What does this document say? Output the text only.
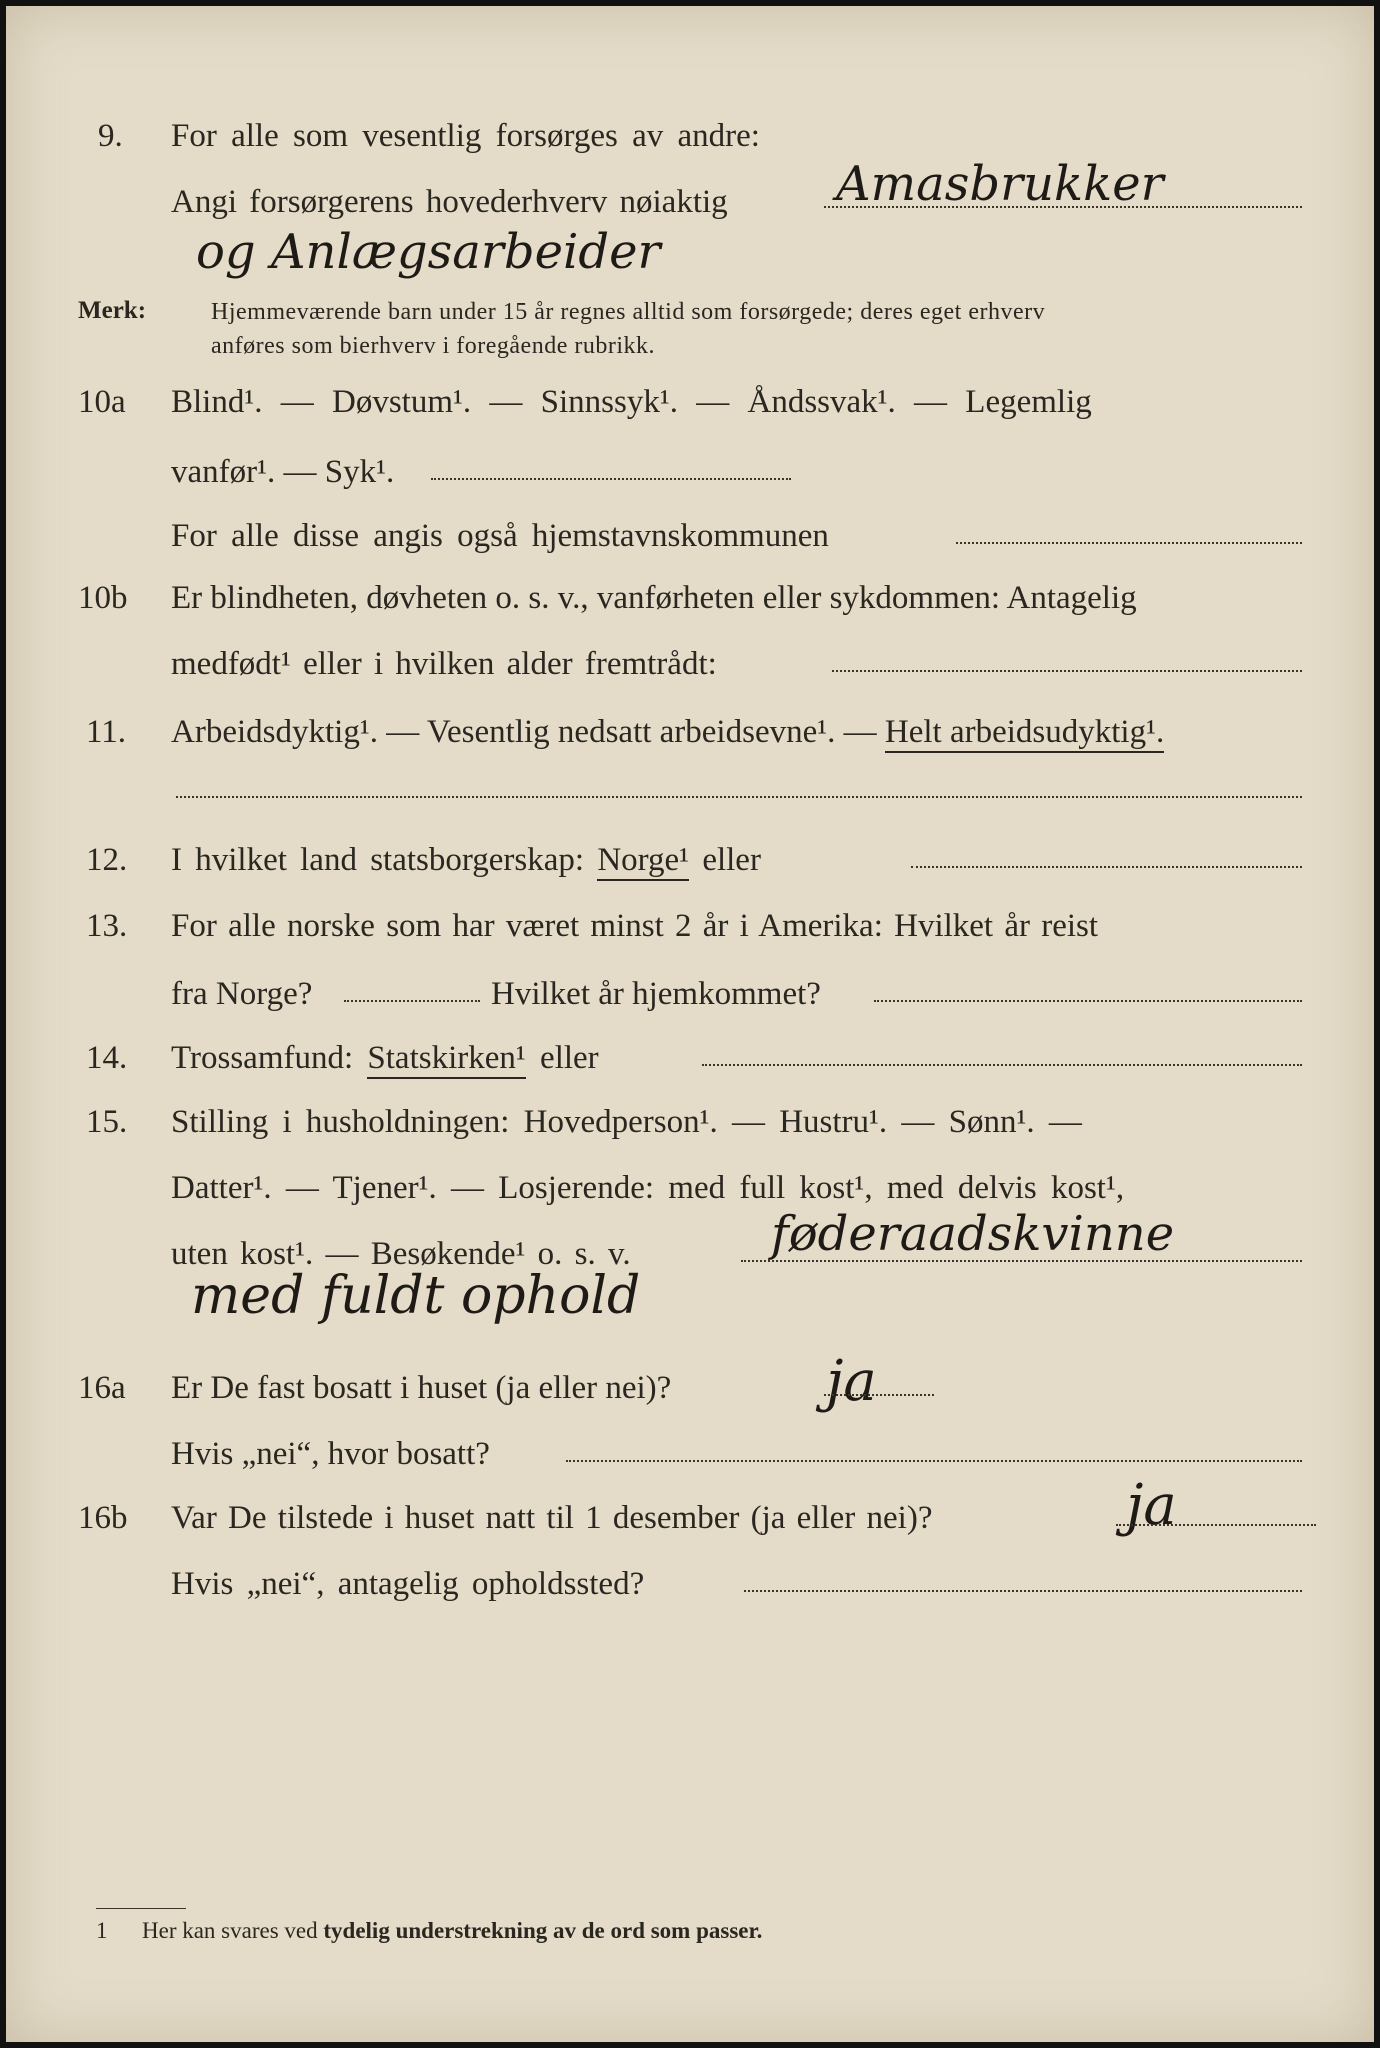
9. For alle som vesentlig forsørges av andre:
Angi forsørgerens hovederhverv nøiaktig Amasbrukker
og Anlægsarbeider
Merk:	Hjemmeværende barn under 15 år regnes alltid som forsørgede; deres eget erhverv
anføres som bierhverv i foregående rubrikk.
10a Blind¹. — Døvstum¹. — Sinnssyk¹. — Åndssvak¹. — Legemlig
vanfør¹. — Syk¹.
For alle disse angis også hjemstavnskommunen
10b Er blindheten, døvheten o. s. v., vanførheten eller sykdommen: Antagelig
medfødt¹ eller i hvilken alder fremtrådt:
11. Arbeidsdyktig¹. — Vesentlig nedsatt arbeidsevne¹. — Helt arbeidsudyktig¹.
12. I hvilket land statsborgerskap: Norge¹ eller
13. For alle norske som har været minst 2 år i Amerika: Hvilket år reist
fra Norge?	Hvilket år hjemkommet?
14. Trossamfund: Statskirken¹ eller
15. Stilling i husholdningen: Hovedperson¹. — Hustru¹. — Sønn¹. —
Datter¹. — Tjener¹. — Losjerende: med full kost¹, med delvis kost¹,
uten kost¹. — Besøkende¹ o. s. v.	føderaadskvinne
med fuldt ophold
16a Er De fast bosatt i huset (ja eller nei)?	ja
Hvis „nei“, hvor bosatt?
16b Var De tilstede i huset natt til 1 desember (ja eller nei)?	ja
Hvis „nei“, antagelig opholdssted?
1 Her kan svares ved tydelig understrekning av de ord som passer.
